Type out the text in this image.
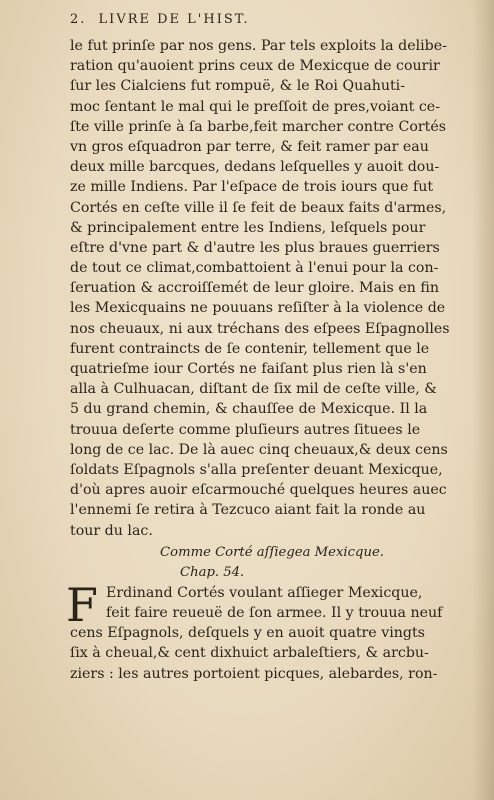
2. LIVRE DE L'HIST.
le fut prinſe par nos gens. Par tels exploits la delibe-
ration qu'auoient prins ceux de Mexicque de courir
ſur les Cialciens fut rompuë, & le Roi Quahuti-
moc ſentant le mal qui le preſſoit de pres,voiant ce-
ſte ville prinſe à ſa barbe,feit marcher contre Cortés
vn gros eſquadron par terre, & feit ramer par eau
deux mille barcques, dedans leſquelles y auoit dou-
ze mille Indiens. Par l'eſpace de trois iours que fut
Cortés en ceſte ville il ſe feit de beaux faits d'armes,
& principalement entre les Indiens, leſquels pour
eſtre d'vne part & d'autre les plus braues guerriers
de tout ce climat,combattoient à l'enui pour la con-
ſeruation & accroiſſemét de leur gloire. Mais en fin
les Mexicquains ne pouuans reſiſter à la violence de
nos cheuaux, ni aux tréchans des eſpees Eſpagnolles
furent contraincts de ſe contenir, tellement que le
quatrieſme iour Cortés ne faiſant plus rien là s'en
alla à Culhuacan, diſtant de ſix mil de ceſte ville, &
5 du grand chemin, & chauſſee de Mexicque. Il la
trouua deſerte comme pluſieurs autres ſituees le
long de ce lac. De là auec cinq cheuaux,& deux cens
ſoldats Eſpagnols s'alla preſenter deuant Mexicque,
d'où apres auoir eſcarmouché quelques heures auec
l'ennemi ſe retira à Tezcuco aiant fait la ronde au
tour du lac.
Comme Corté aſſiegea Mexicque.
Chap. 54.
F Erdinand Cortés voulant aſſieger Mexicque,
feit faire reueuë de ſon armee. Il y trouua neuf
cens Eſpagnols, deſquels y en auoit quatre vingts
ſix à cheual,& cent dixhuict arbaleſtiers, & arcbu-
ziers : les autres portoient picques, alebardes, ron-
